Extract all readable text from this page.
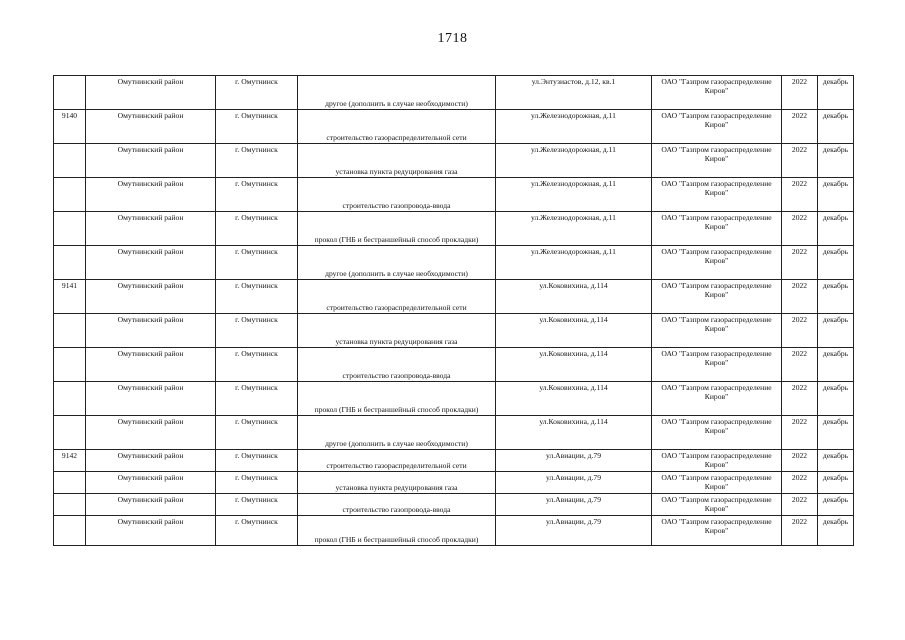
1718
	Омутнинский район	г. Омутнинск	другое (дополнить в случае необходимости)	ул.Энтузиастов, д.12, кв.1	ОАО "Газпром газораспределение Киров"	2022	декабрь
9140	Омутнинский район	г. Омутнинск	строительство газораспределительной сети	ул.Железнодорожная, д.11	ОАО "Газпром газораспределение Киров"	2022	декабрь
	Омутнинский район	г. Омутнинск	установка пункта редуцирования газа	ул.Железнодорожная, д.11	ОАО "Газпром газораспределение Киров"	2022	декабрь
	Омутнинский район	г. Омутнинск	строительство газопровода-ввода	ул.Железнодорожная, д.11	ОАО "Газпром газораспределение Киров"	2022	декабрь
	Омутнинский район	г. Омутнинск	прокол (ГНБ и бестраншейный способ прокладки)	ул.Железнодорожная, д.11	ОАО "Газпром газораспределение Киров"	2022	декабрь
	Омутнинский район	г. Омутнинск	другое (дополнить в случае необходимости)	ул.Железнодорожная, д.11	ОАО "Газпром газораспределение Киров"	2022	декабрь
9141	Омутнинский район	г. Омутнинск	строительство газораспределительной сети	ул.Коковихина, д.114	ОАО "Газпром газораспределение Киров"	2022	декабрь
	Омутнинский район	г. Омутнинск	установка пункта редуцирования газа	ул.Коковихина, д.114	ОАО "Газпром газораспределение Киров"	2022	декабрь
	Омутнинский район	г. Омутнинск	строительство газопровода-ввода	ул.Коковихина, д.114	ОАО "Газпром газораспределение Киров"	2022	декабрь
	Омутнинский район	г. Омутнинск	прокол (ГНБ и бестраншейный способ прокладки)	ул.Коковихина, д.114	ОАО "Газпром газораспределение Киров"	2022	декабрь
	Омутнинский район	г. Омутнинск	другое (дополнить в случае необходимости)	ул.Коковихина, д.114	ОАО "Газпром газораспределение Киров"	2022	декабрь
9142	Омутнинский район	г. Омутнинск	строительство газораспределительной сети	ул.Авиации, д.79	ОАО "Газпром газораспределение Киров"	2022	декабрь
	Омутнинский район	г. Омутнинск	установка пункта редуцирования газа	ул.Авиации, д.79	ОАО "Газпром газораспределение Киров"	2022	декабрь
	Омутнинский район	г. Омутнинск	строительство газопровода-ввода	ул.Авиации, д.79	ОАО "Газпром газораспределение Киров"	2022	декабрь
	Омутнинский район	г. Омутнинск	прокол (ГНБ и бестраншейный способ прокладки)	ул.Авиации, д.79	ОАО "Газпром газораспределение Киров"	2022	декабрь
